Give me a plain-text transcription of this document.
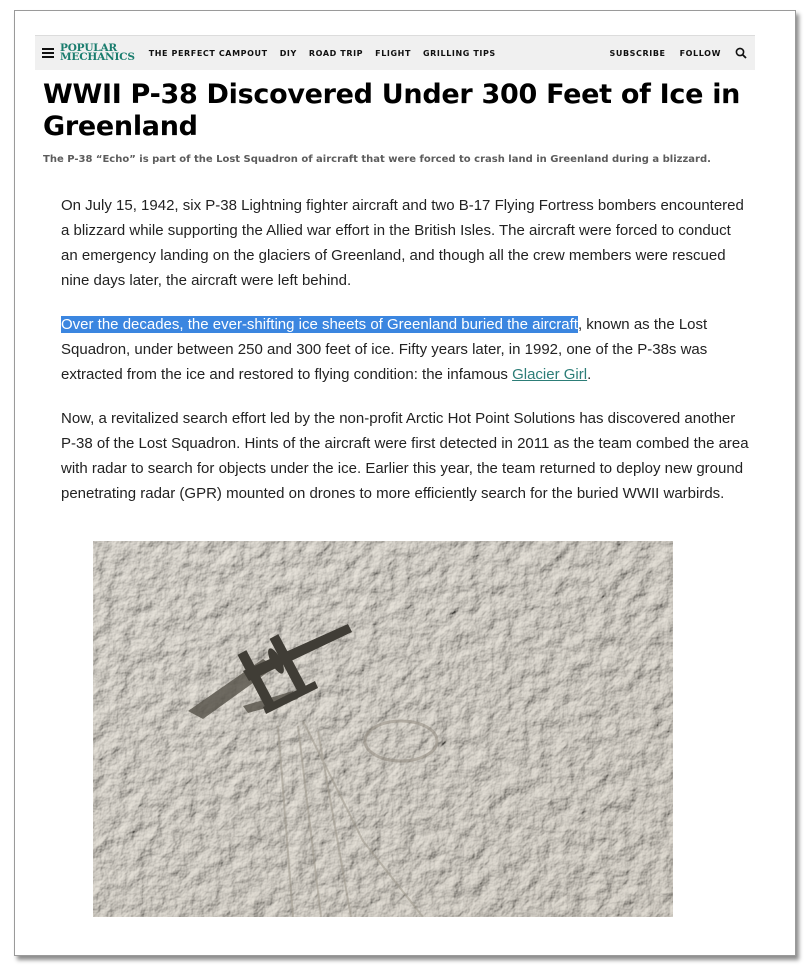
POPULAR
MECHANICS THE PERFECT CAMPOUT DIY ROAD TRIP FLIGHT GRILLING TIPS	SUBSCRIBE FOLLOW
WWII P-38 Discovered Under 300 Feet of Ice in Greenland

The P-38 “Echo” is part of the Lost Squadron of aircraft that were forced to crash land in Greenland during a blizzard.

On July 15, 1942, six P-38 Lightning fighter aircraft and two B-17 Flying Fortress bombers encountered a blizzard while supporting the Allied war effort in the British Isles. The aircraft were forced to conduct an emergency landing on the glaciers of Greenland, and though all the crew members were rescued nine days later, the aircraft were left behind.

Over the decades, the ever-shifting ice sheets of Greenland buried the aircraft, known as the Lost Squadron, under between 250 and 300 feet of ice. Fifty years later, in 1992, one of the P-38s was extracted from the ice and restored to flying condition: the infamous Glacier Girl.

Now, a revitalized search effort led by the non-profit Arctic Hot Point Solutions has discovered another P-38 of the Lost Squadron. Hints of the aircraft were first detected in 2011 as the team combed the area with radar to search for objects under the ice. Earlier this year, the team returned to deploy new ground penetrating radar (GPR) mounted on drones to more efficiently search for the buried WWII warbirds.
